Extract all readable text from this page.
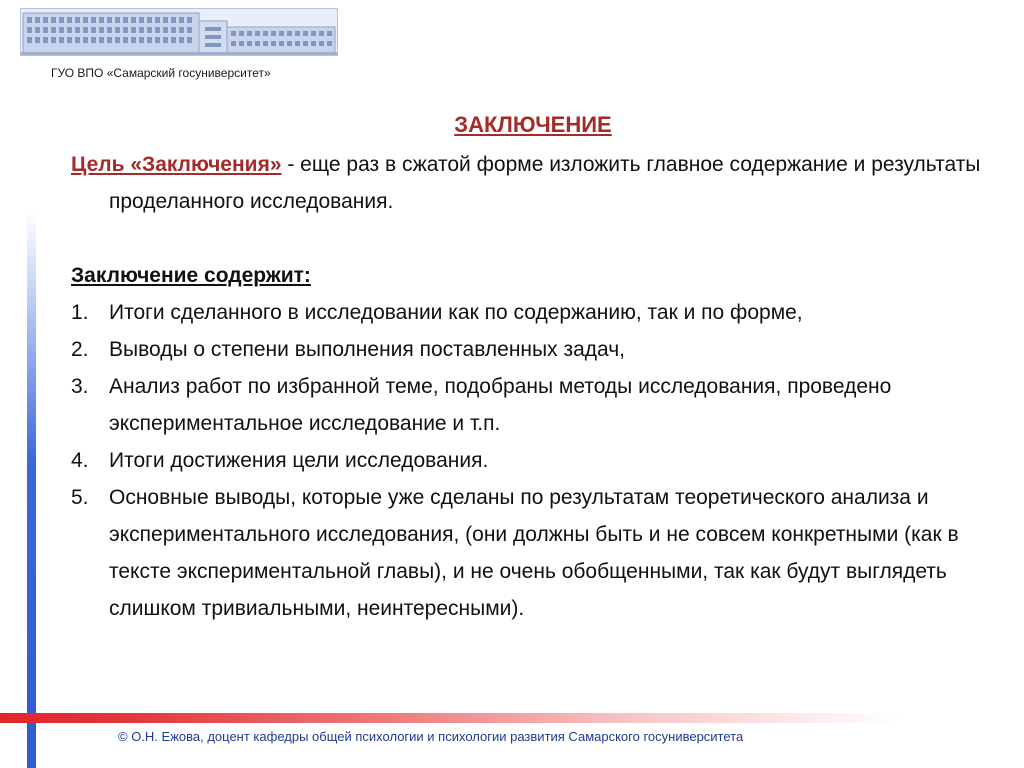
ГУО ВПО «Самарский госуниверситет»
ЗАКЛЮЧЕНИЕ

Цель «Заключения» - еще раз в сжатой форме изложить главное содержание и результаты проделанного исследования.

Заключение содержит:

1. Итоги сделанного в исследовании как по содержанию, так и по форме,
2. Выводы о степени выполнения поставленных задач,
3. Анализ работ по избранной теме, подобраны методы исследования, проведено экспериментальное исследование и т.п.
4. Итоги достижения цели исследования.
5. Основные выводы, которые уже сделаны по результатам теоретического анализа и экспериментального исследования, (они должны быть и не совсем конкретными (как в тексте экспериментальной главы), и не очень обобщенными, так как будут выглядеть слишком тривиальными, неинтересными).
© О.Н. Ежова, доцент кафедры общей психологии и психологии развития Самарского госуниверситета
